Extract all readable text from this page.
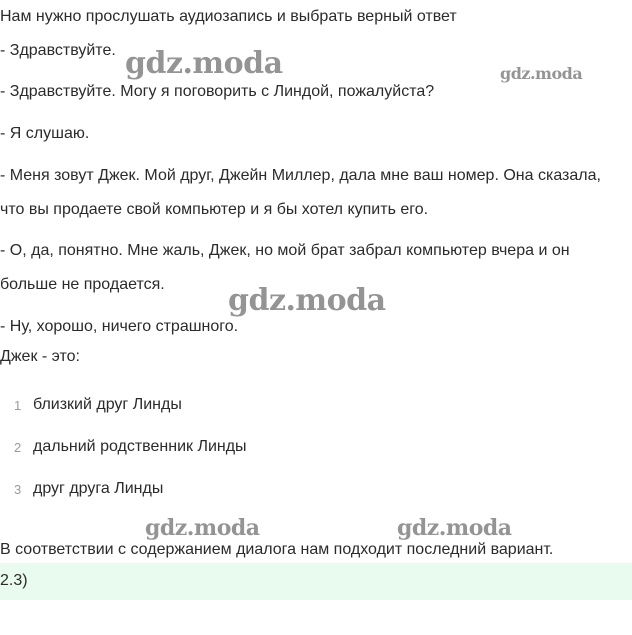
gdz.moda	gdz.moda
gdz.moda
gdz.moda	gdz.moda
Нам нужно прослушать аудиозапись и выбрать верный ответ
- Здравствуйте.
- Здравствуйте. Могу я поговорить с Линдой, пожалуйста?
- Я слушаю.
- Меня зовут Джек. Мой друг, Джейн Миллер, дала мне ваш номер. Она сказала,
что вы продаете свой компьютер и я бы хотел купить его.
- О, да, понятно. Мне жаль, Джек, но мой брат забрал компьютер вчера и он
больше не продается.
- Ну, хорошо, ничего страшного.
Джек - это:
1 близкий друг Линды
2 дальний родственник Линды
3 друг друга Линды
В соответствии с содержанием диалога нам подходит последний вариант.
2.3)
